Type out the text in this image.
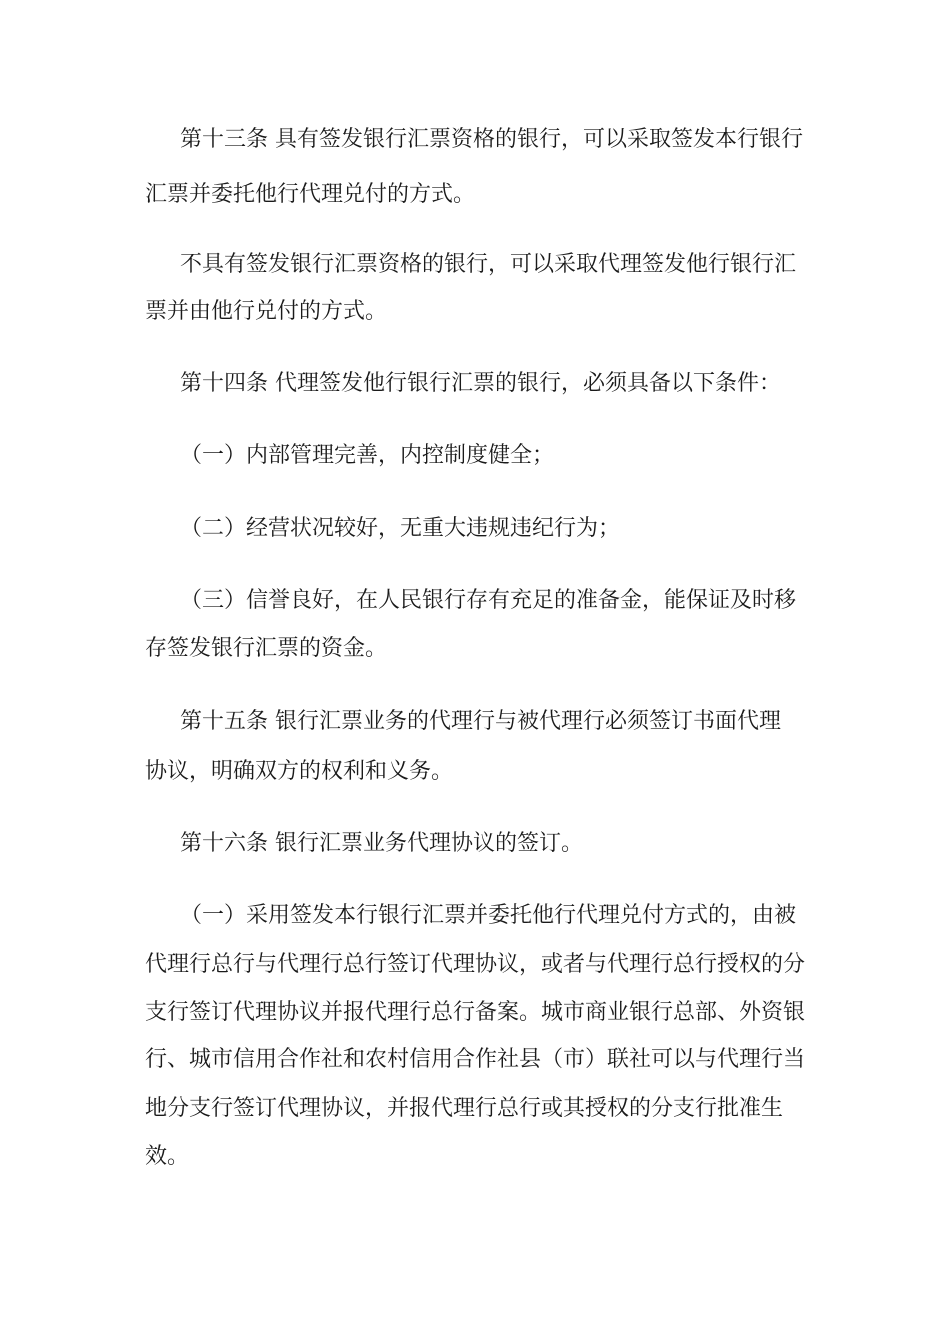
第十三条 具有签发银行汇票资格的银行，可以采取签发本行银行
汇票并委托他行代理兑付的方式。
不具有签发银行汇票资格的银行，可以采取代理签发他行银行汇
票并由他行兑付的方式。
第十四条 代理签发他行银行汇票的银行，必须具备以下条件：
（一）内部管理完善，内控制度健全；
（二）经营状况较好，无重大违规违纪行为；
（三）信誉良好，在人民银行存有充足的准备金，能保证及时移
存签发银行汇票的资金。
第十五条 银行汇票业务的代理行与被代理行必须签订书面代理
协议，明确双方的权利和义务。
第十六条 银行汇票业务代理协议的签订。
（一）采用签发本行银行汇票并委托他行代理兑付方式的，由被
代理行总行与代理行总行签订代理协议，或者与代理行总行授权的分
支行签订代理协议并报代理行总行备案。城市商业银行总部、外资银
行、城市信用合作社和农村信用合作社县（市）联社可以与代理行当
地分支行签订代理协议，并报代理行总行或其授权的分支行批准生
效。
